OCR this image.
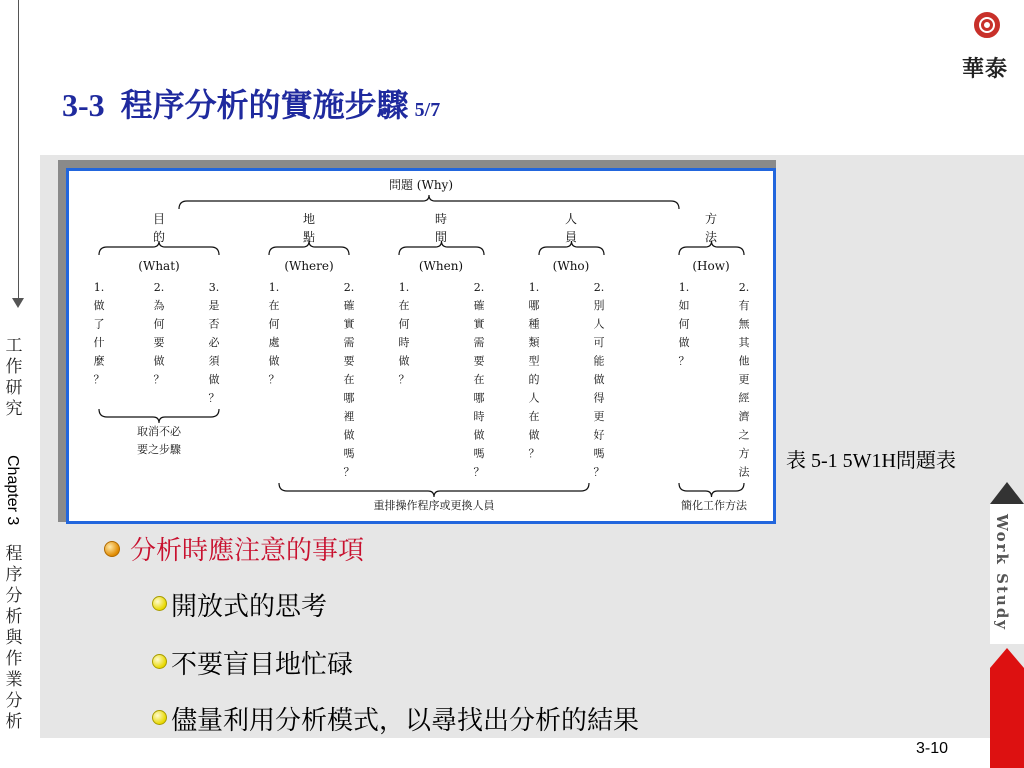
工作研究
Chapter 3
程序分析與作業分析
華泰
3-3 程序分析的實施步驟 5/7
問題 (Why)
目
的
(What)
1.
做
了
什
麼
？
2.
為
何
要
做
？
3.
是
否
必
須
做
？
地
點
(Where)
1.
在
何
處
做
？
2.
確
實
需
要
在
哪
裡
做
嗎
？
時
間
(When)
1.
在
何
時
做
？
2.
確
實
需
要
在
哪
時
做
嗎
？
人
員
(Who)
1.
哪
種
類
型
的
人
在
做
？
2.
別
人
可
能
做
得
更
好
嗎
？
方
法
(How)
1.
如
何
做
？
2.
有
無
其
他
更
經
濟
之
方
法
取消不必
要之步驟
重排操作程序或更換人員	簡化工作方法
表 5-1 5W1H問題表
分析時應注意的事項
開放式的思考
不要盲目地忙碌
儘量利用分析模式，以尋找出分析的結果
Work Study
3-10
